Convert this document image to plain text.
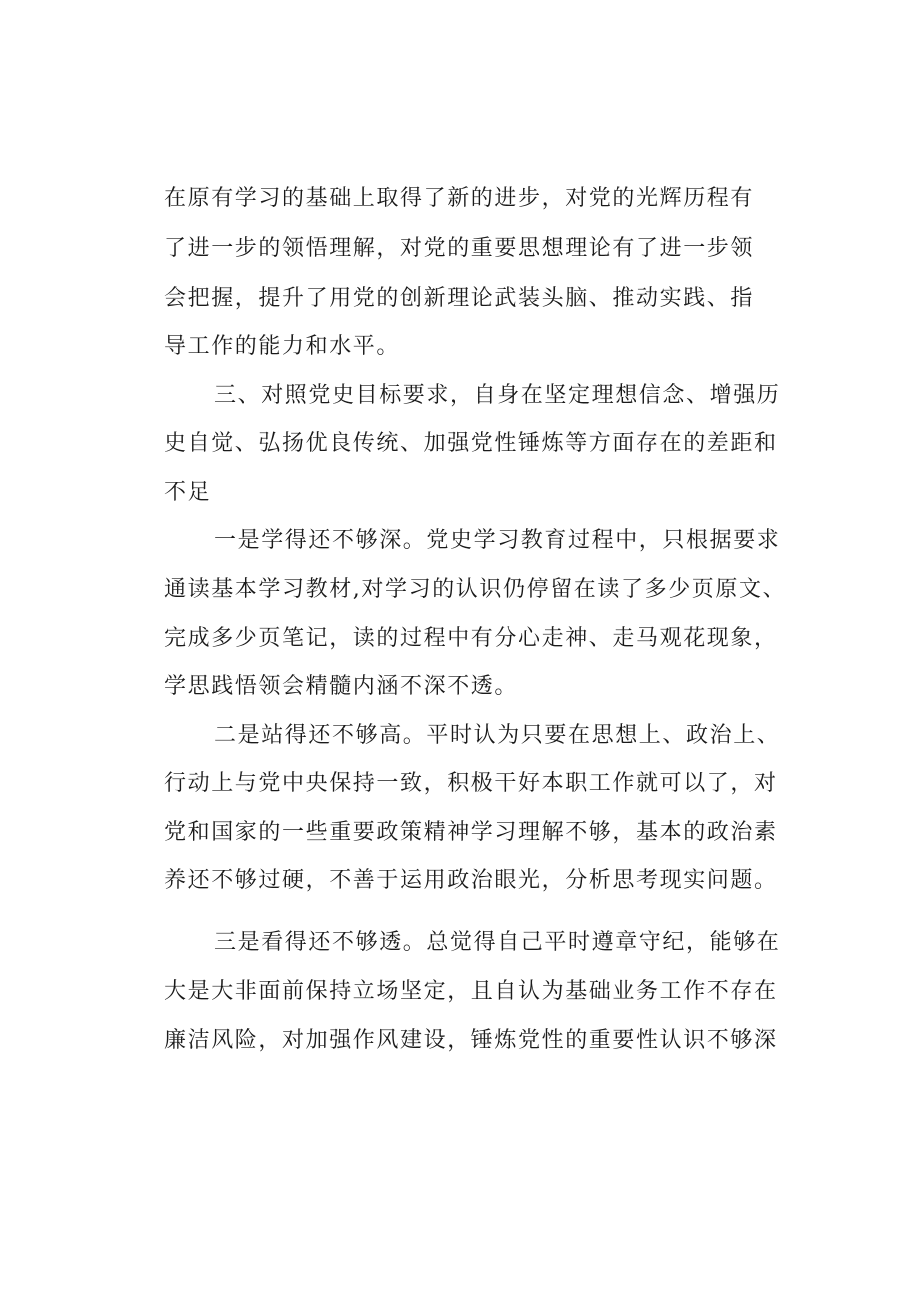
在原有学习的基础上取得了新的进步，对党的光辉历程有

了进一步的领悟理解，对党的重要思想理论有了进一步领

会把握，提升了用党的创新理论武装头脑、推动实践、指

导工作的能力和水平。

三、对照党史目标要求，自身在坚定理想信念、增强历

史自觉、弘扬优良传统、加强党性锤炼等方面存在的差距和

不足

一是学得还不够深。党史学习教育过程中，只根据要求

通读基本学习教材,对学习的认识仍停留在读了多少页原文、

完成多少页笔记，读的过程中有分心走神、走马观花现象，

学思践悟领会精髓内涵不深不透。

二是站得还不够高。平时认为只要在思想上、政治上、

行动上与党中央保持一致，积极干好本职工作就可以了，对

党和国家的一些重要政策精神学习理解不够，基本的政治素

养还不够过硬，不善于运用政治眼光，分析思考现实问题。

三是看得还不够透。总觉得自己平时遵章守纪，能够在

大是大非面前保持立场坚定，且自认为基础业务工作不存在

廉洁风险，对加强作风建设，锤炼党性的重要性认识不够深
